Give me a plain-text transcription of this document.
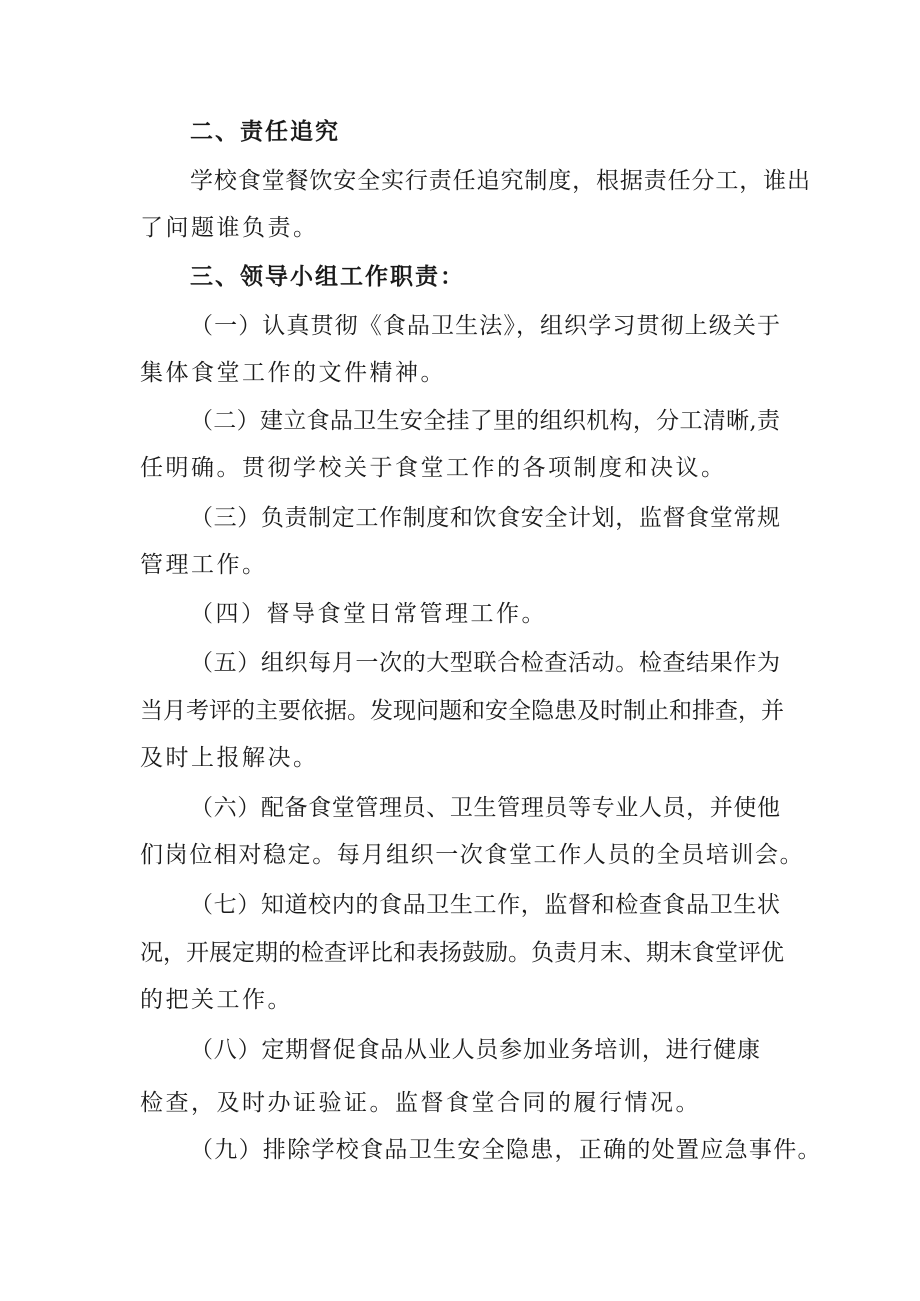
二、责任追究
学校食堂餐饮安全实行责任追究制度，根据责任分工，谁出
了问题谁负责。
三、领导小组工作职责：
（一）认真贯彻《食品卫生法》，组织学习贯彻上级关于
集体食堂工作的文件精神。
（二）建立食品卫生安全挂了里的组织机构，分工清晰,责
任明确。贯彻学校关于食堂工作的各项制度和决议。
（三）负责制定工作制度和饮食安全计划，监督食堂常规
管理工作。
（四）督导食堂日常管理工作。
（五）组织每月一次的大型联合检查活动。检查结果作为
当月考评的主要依据。发现问题和安全隐患及时制止和排查，并
及时上报解决。
（六）配备食堂管理员、卫生管理员等专业人员，并使他
们岗位相对稳定。每月组织一次食堂工作人员的全员培训会。
（七）知道校内的食品卫生工作，监督和检查食品卫生状
况，开展定期的检查评比和表扬鼓励。负责月末、期末食堂评优
的把关工作。
（八）定期督促食品从业人员参加业务培训，进行健康
检查，及时办证验证。监督食堂合同的履行情况。
（九）排除学校食品卫生安全隐患，正确的处置应急事件。
